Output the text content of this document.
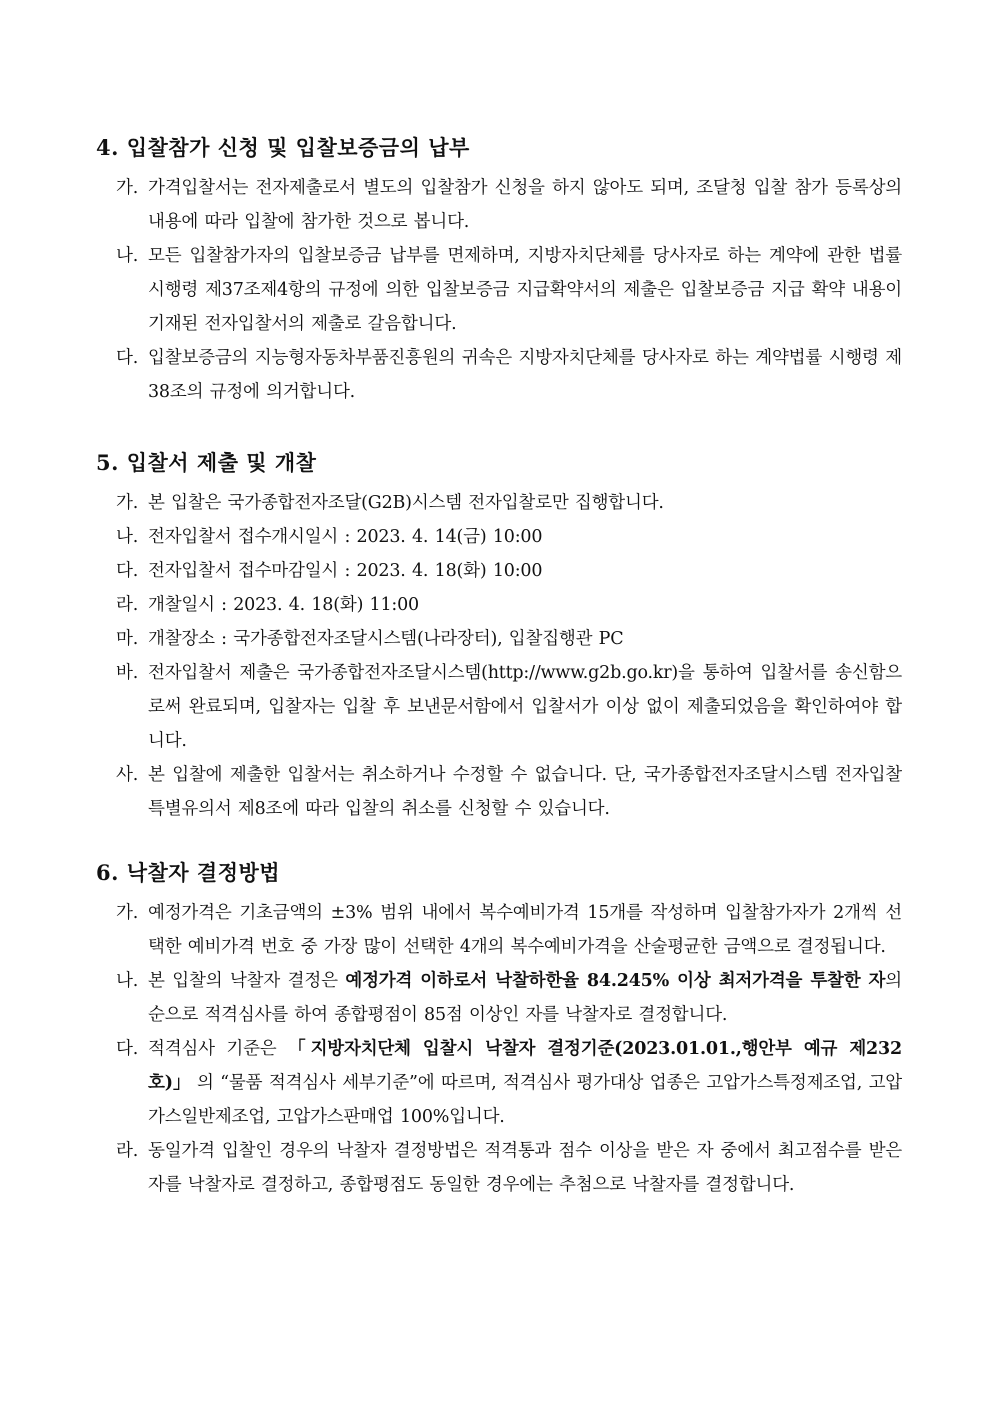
4. 입찰참가 신청 및 입찰보증금의 납부
가. 가격입찰서는 전자제출로서 별도의 입찰참가 신청을 하지 않아도 되며, 조달청 입찰 참가 등록상의 내용에 따라 입찰에 참가한 것으로 봅니다.
나. 모든 입찰참가자의 입찰보증금 납부를 면제하며, 지방자치단체를 당사자로 하는 계약에 관한 법률 시행령 제37조제4항의 규정에 의한 입찰보증금 지급확약서의 제출은 입찰보증금 지급 확약 내용이 기재된 전자입찰서의 제출로 갈음합니다.
다. 입찰보증금의 지능형자동차부품진흥원의 귀속은 지방자치단체를 당사자로 하는 계약법률 시행령 제38조의 규정에 의거합니다.
5. 입찰서 제출 및 개찰
가. 본 입찰은 국가종합전자조달(G2B)시스템 전자입찰로만 집행합니다.
나. 전자입찰서 접수개시일시 : 2023. 4. 14(금) 10:00
다. 전자입찰서 접수마감일시 : 2023. 4. 18(화) 10:00
라. 개찰일시 : 2023. 4. 18(화) 11:00
마. 개찰장소 : 국가종합전자조달시스템(나라장터), 입찰집행관 PC
바. 전자입찰서 제출은 국가종합전자조달시스템(http://www.g2b.go.kr)을 통하여 입찰서를 송신함으로써 완료되며, 입찰자는 입찰 후 보낸문서함에서 입찰서가 이상 없이 제출되었음을 확인하여야 합니다.
사. 본 입찰에 제출한 입찰서는 취소하거나 수정할 수 없습니다. 단, 국가종합전자조달시스템 전자입찰특별유의서 제8조에 따라 입찰의 취소를 신청할 수 있습니다.
6. 낙찰자 결정방법
가. 예정가격은 기초금액의 ±3% 범위 내에서 복수예비가격 15개를 작성하며 입찰참가자가 2개씩 선택한 예비가격 번호 중 가장 많이 선택한 4개의 복수예비가격을 산술평균한 금액으로 결정됩니다.
나. 본 입찰의 낙찰자 결정은 예정가격 이하로서 낙찰하한율 84.245% 이상 최저가격을 투찰한 자의 순으로 적격심사를 하여 종합평점이 85점 이상인 자를 낙찰자로 결정합니다.
다. 적격심사 기준은 「지방자치단체 입찰시 낙찰자 결정기준(2023.01.01.,행안부 예규 제232호)」 의 “물품 적격심사 세부기준”에 따르며, 적격심사 평가대상 업종은 고압가스특정제조업, 고압가스일반제조업, 고압가스판매업 100%입니다.
라. 동일가격 입찰인 경우의 낙찰자 결정방법은 적격통과 점수 이상을 받은 자 중에서 최고점수를 받은 자를 낙찰자로 결정하고, 종합평점도 동일한 경우에는 추첨으로 낙찰자를 결정합니다.
